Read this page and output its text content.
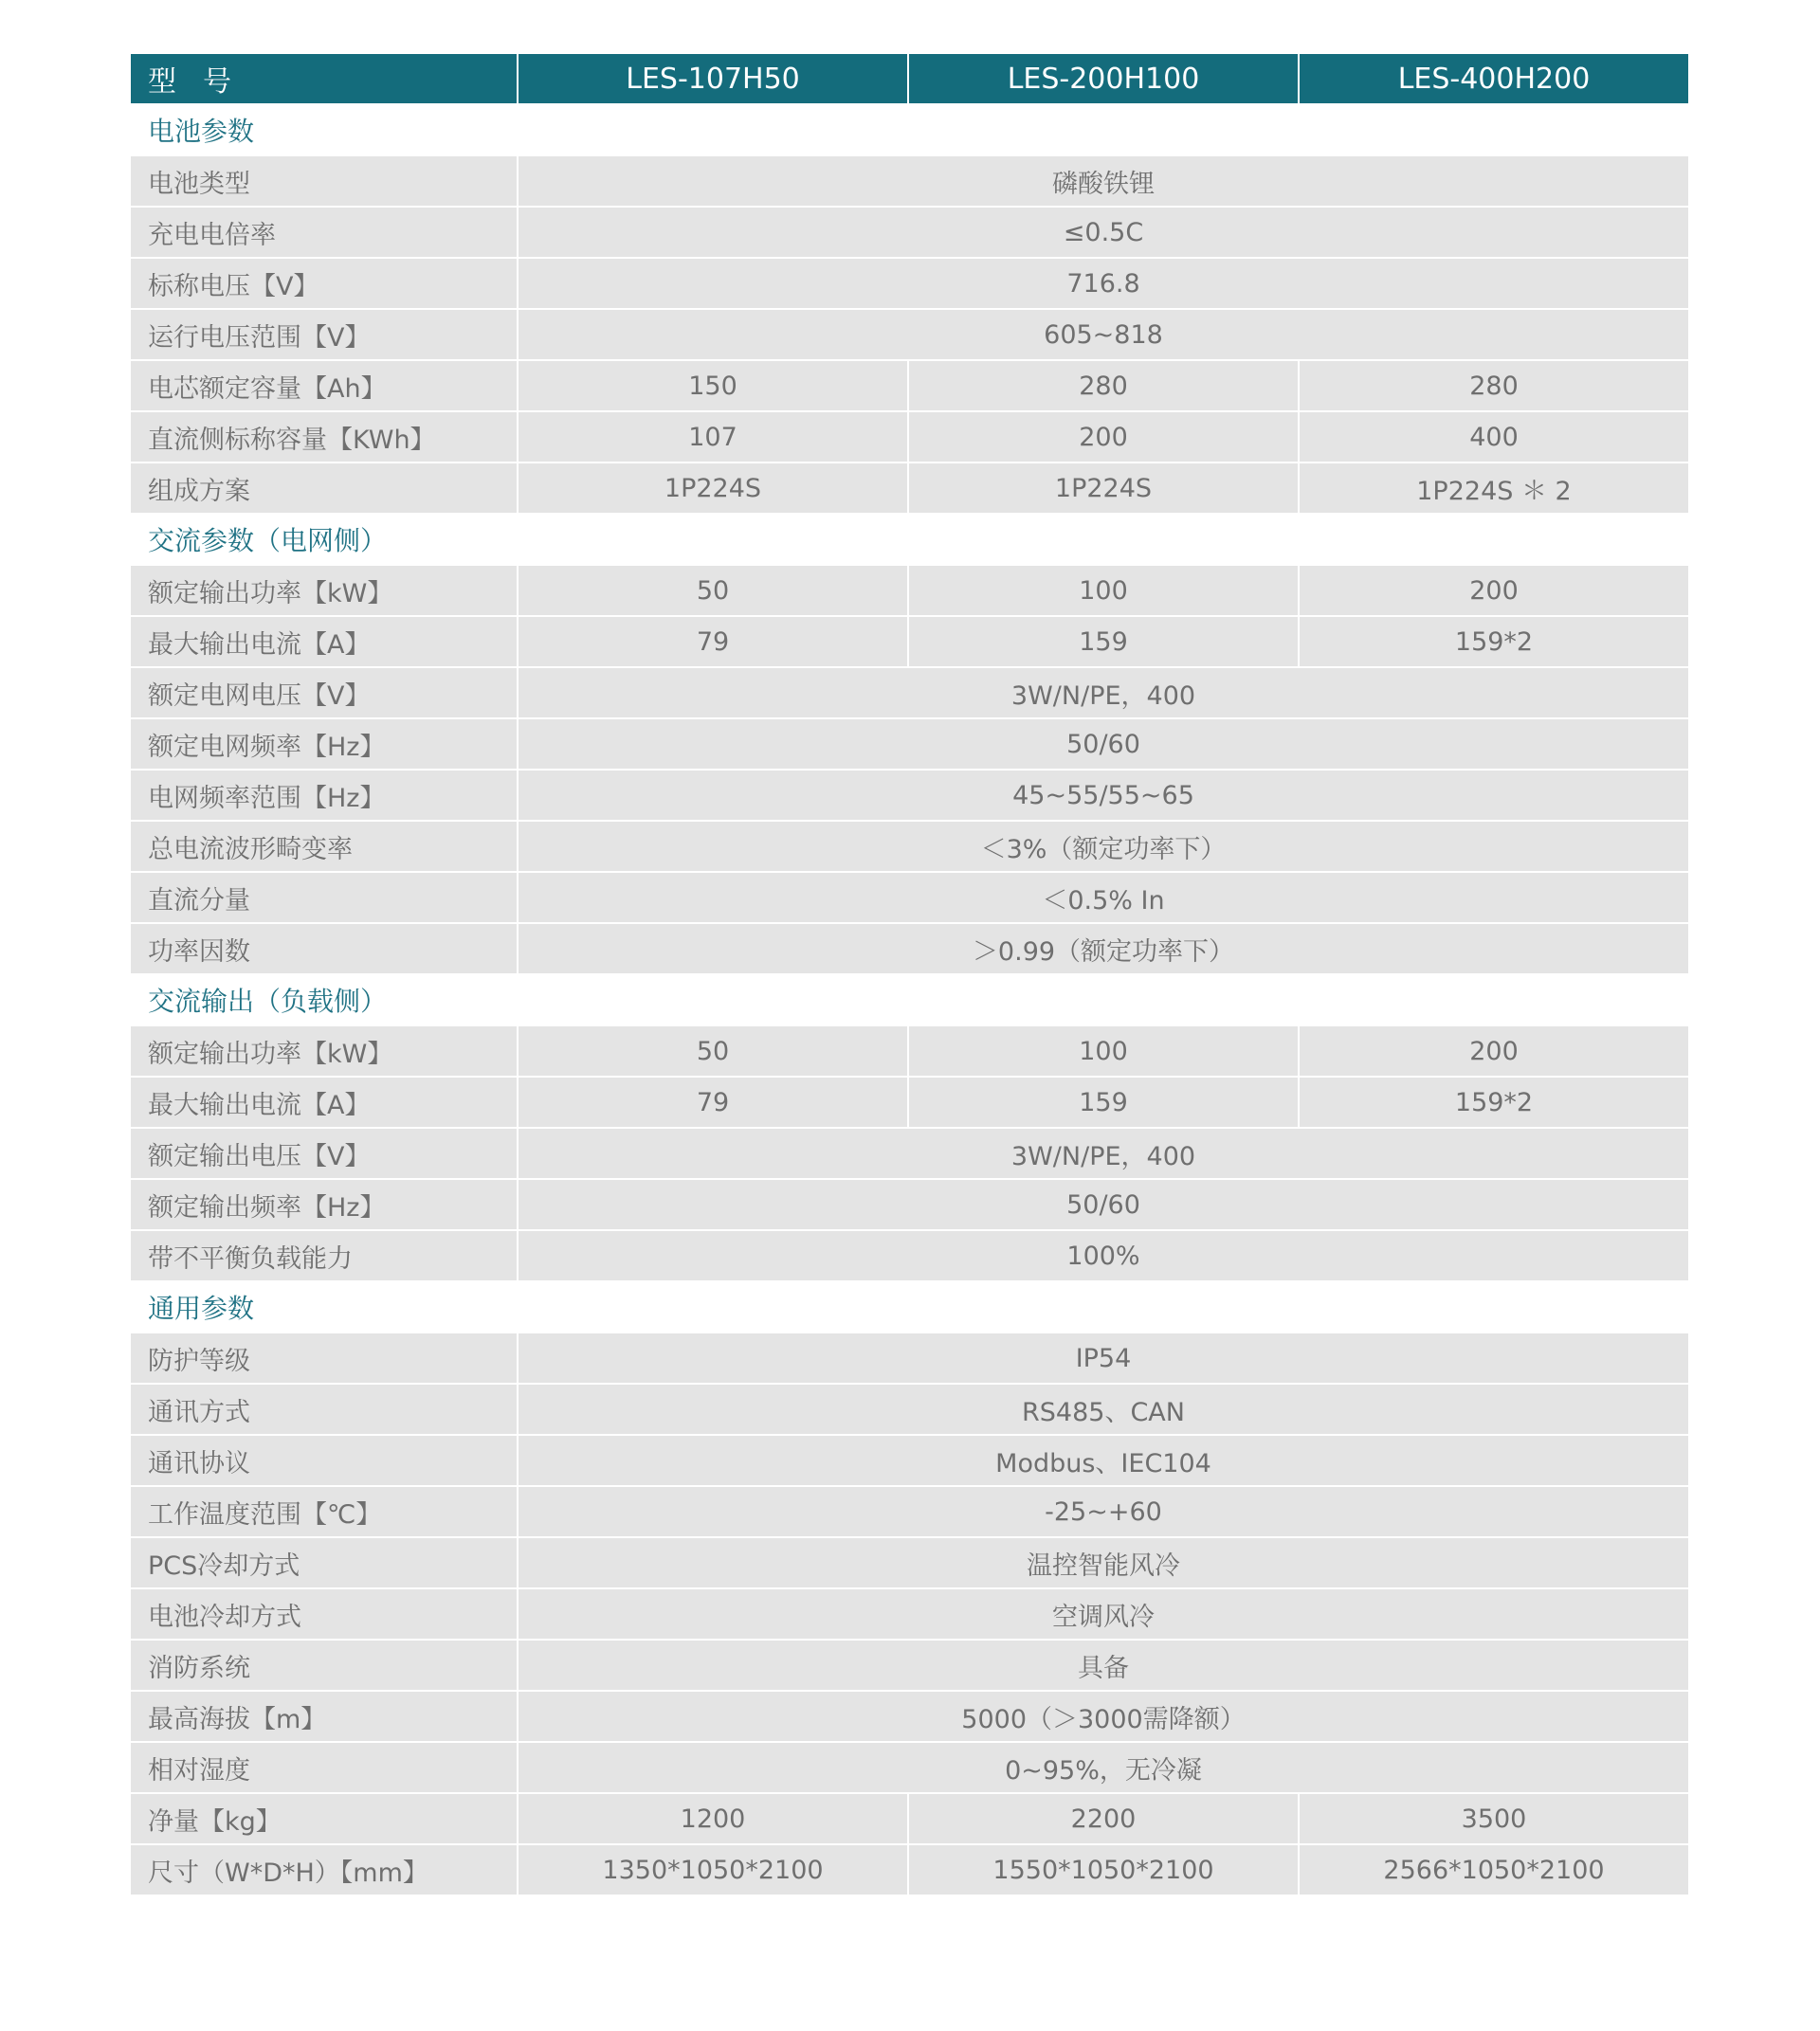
型号	LES-107H50	LES-200H100	LES-400H200
电池参数			
电池类型	磷酸铁锂		
充电电倍率	≤0.5C		
标称电压【V】	716.8		
运行电压范围【V】	605~818		
电芯额定容量【Ah】	150	280	280
直流侧标称容量【KWh】	107	200	400
组成方案	1P224S	1P224S	1P224S ＊ 2
交流参数（电网侧）			
额定输出功率【kW】	50	100	200
最大输出电流【A】	79	159	159*2
额定电网电压【V】	3W/N/PE，400		
额定电网频率【Hz】	50/60		
电网频率范围【Hz】	45~55/55~65		
总电流波形畸变率	＜3%（额定功率下）		
直流分量	＜0.5% In		
功率因数	＞0.99（额定功率下）		
交流输出（负载侧）			
额定输出功率【kW】	50	100	200
最大输出电流【A】	79	159	159*2
额定输出电压【V】	3W/N/PE，400		
额定输出频率【Hz】	50/60		
带不平衡负载能力	100%		
通用参数			
防护等级	IP54		
通讯方式	RS485、CAN		
通讯协议	Modbus、IEC104		
工作温度范围【℃】	-25~+60		
PCS冷却方式	温控智能风冷		
电池冷却方式	空调风冷		
消防系统	具备		
最高海拔【m】	5000（＞3000需降额）		
相对湿度	0~95%，无冷凝		
净量【kg】	1200	2200	3500
尺寸（W*D*H）【mm】	1350*1050*2100	1550*1050*2100	2566*1050*2100
